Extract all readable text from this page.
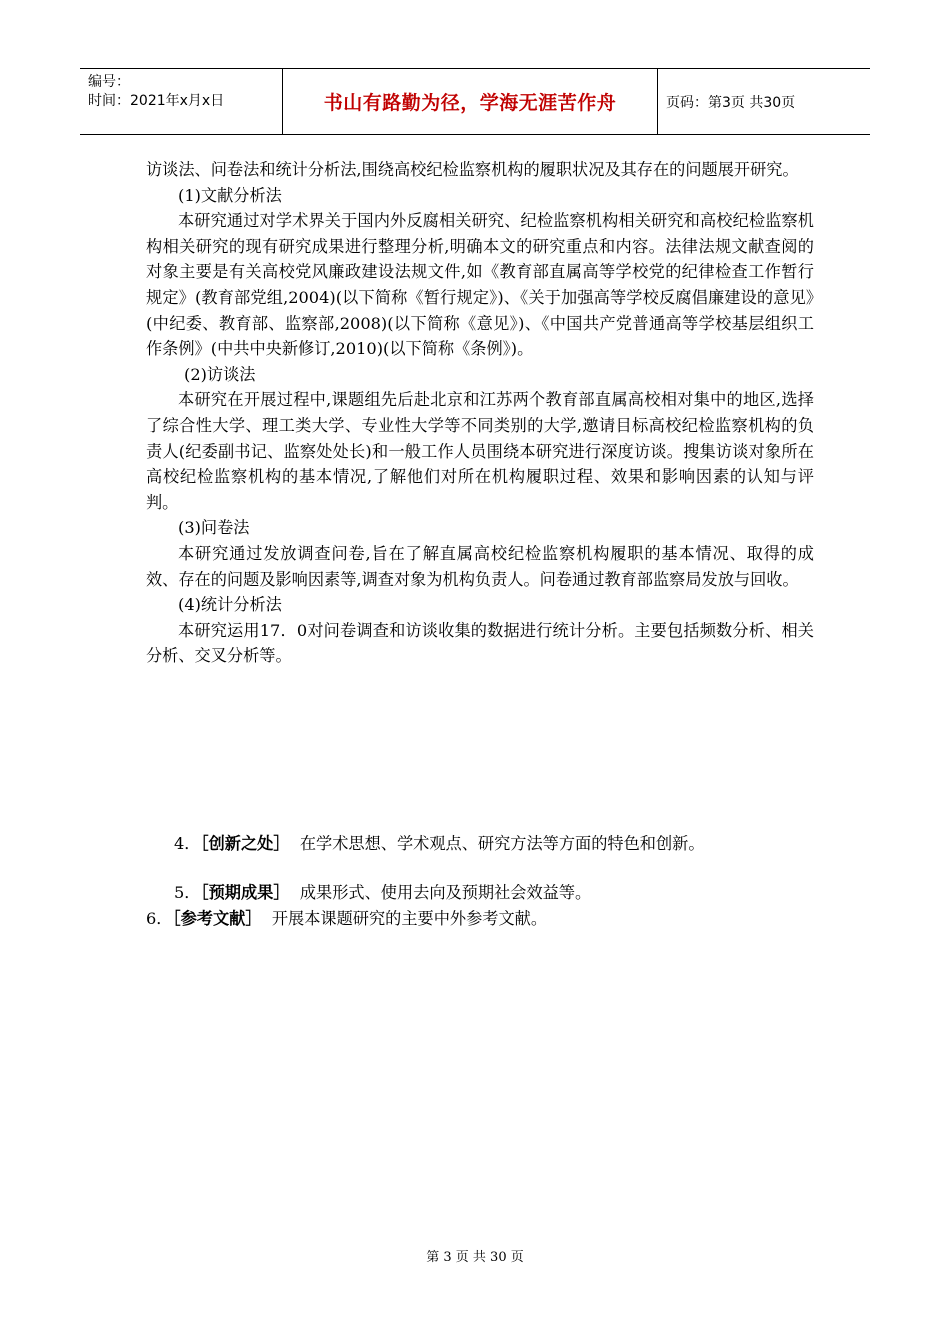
编号：
时间：2021年x月x日	书山有路勤为径，学海无涯苦作舟	页码：第3页 共30页

访谈法、问卷法和统计分析法,围绕高校纪检监察机构的履职状况及其存在的问题展开研究。

(1)文献分析法

本研究通过对学术界关于国内外反腐相关研究、纪检监察机构相关研究和高校纪检监察机构相关研究的现有研究成果进行整理分析,明确本文的研究重点和内容。法律法规文献查阅的对象主要是有关高校党风廉政建设法规文件,如《教育部直属高等学校党的纪律检查工作暂行规定》(教育部党组,2004)(以下简称《暂行规定》)、《关于加强高等学校反腐倡廉建设的意见》(中纪委、教育部、监察部,2008)(以下简称《意见》)、《中国共产党普通高等学校基层组织工作条例》(中共中央新修订,2010)(以下简称《条例》)。

(2)访谈法

本研究在开展过程中,课题组先后赴北京和江苏两个教育部直属高校相对集中的地区,选择了综合性大学、理工类大学、专业性大学等不同类别的大学,邀请目标高校纪检监察机构的负责人(纪委副书记、监察处处长)和一般工作人员围绕本研究进行深度访谈。搜集访谈对象所在高校纪检监察机构的基本情况,了解他们对所在机构履职过程、效果和影响因素的认知与评判。

(3)问卷法

本研究通过发放调查问卷,旨在了解直属高校纪检监察机构履职的基本情况、取得的成效、存在的问题及影响因素等,调查对象为机构负责人。问卷通过教育部监察局发放与回收。

(4)统计分析法

本研究运用17．0对问卷调查和访谈收集的数据进行统计分析。主要包括频数分析、相关分析、交叉分析等。

4．［创新之处］ 在学术思想、学术观点、研究方法等方面的特色和创新。

5．［预期成果］ 成果形式、使用去向及预期社会效益等。

6．［参考文献］ 开展本课题研究的主要中外参考文献。

第 3 页 共 30 页
